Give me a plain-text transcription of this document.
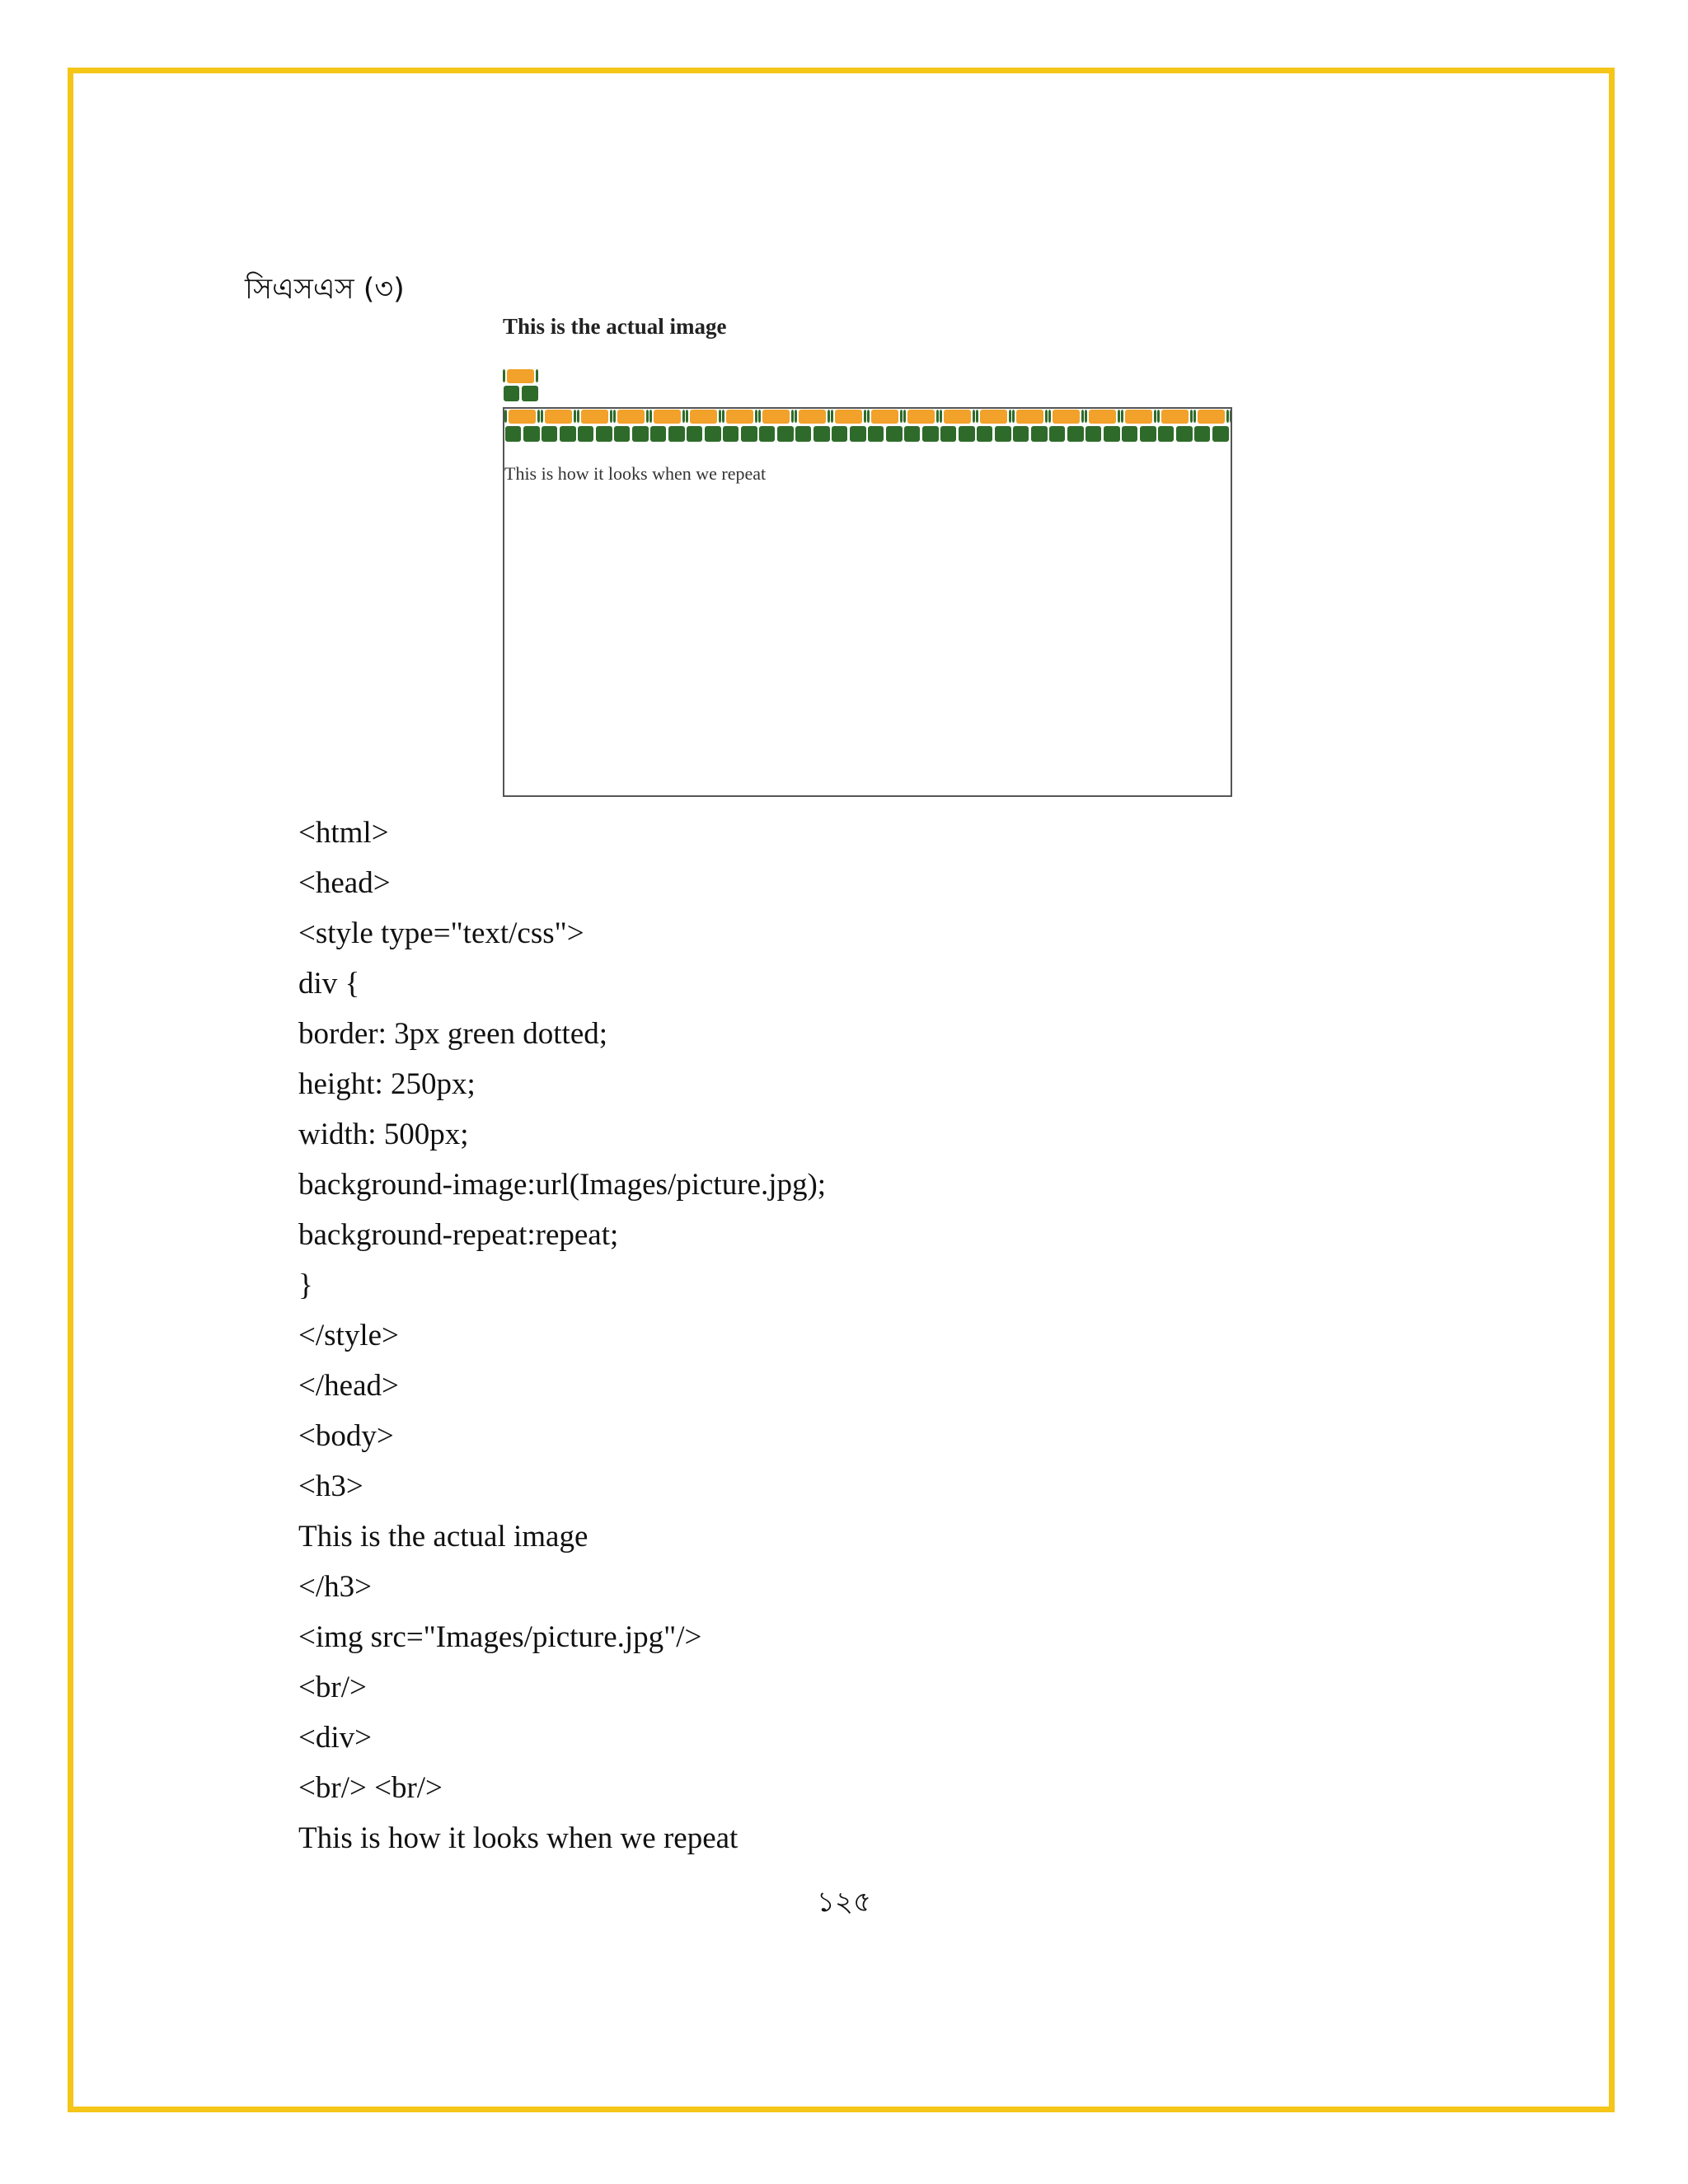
সিএসএস (৩)
This is the actual image
This is how it looks when we repeat
<html>
<head>
<style type="text/css">
div {
border: 3px green dotted;
height: 250px;
width: 500px;
background-image:url(Images/picture.jpg);
background-repeat:repeat;
}
</style>
</head>
<body>
<h3>
This is the actual image
</h3>
<img src="Images/picture.jpg"/>
<br/>
<div>
<br/> <br/>
This is how it looks when we repeat
১২৫
